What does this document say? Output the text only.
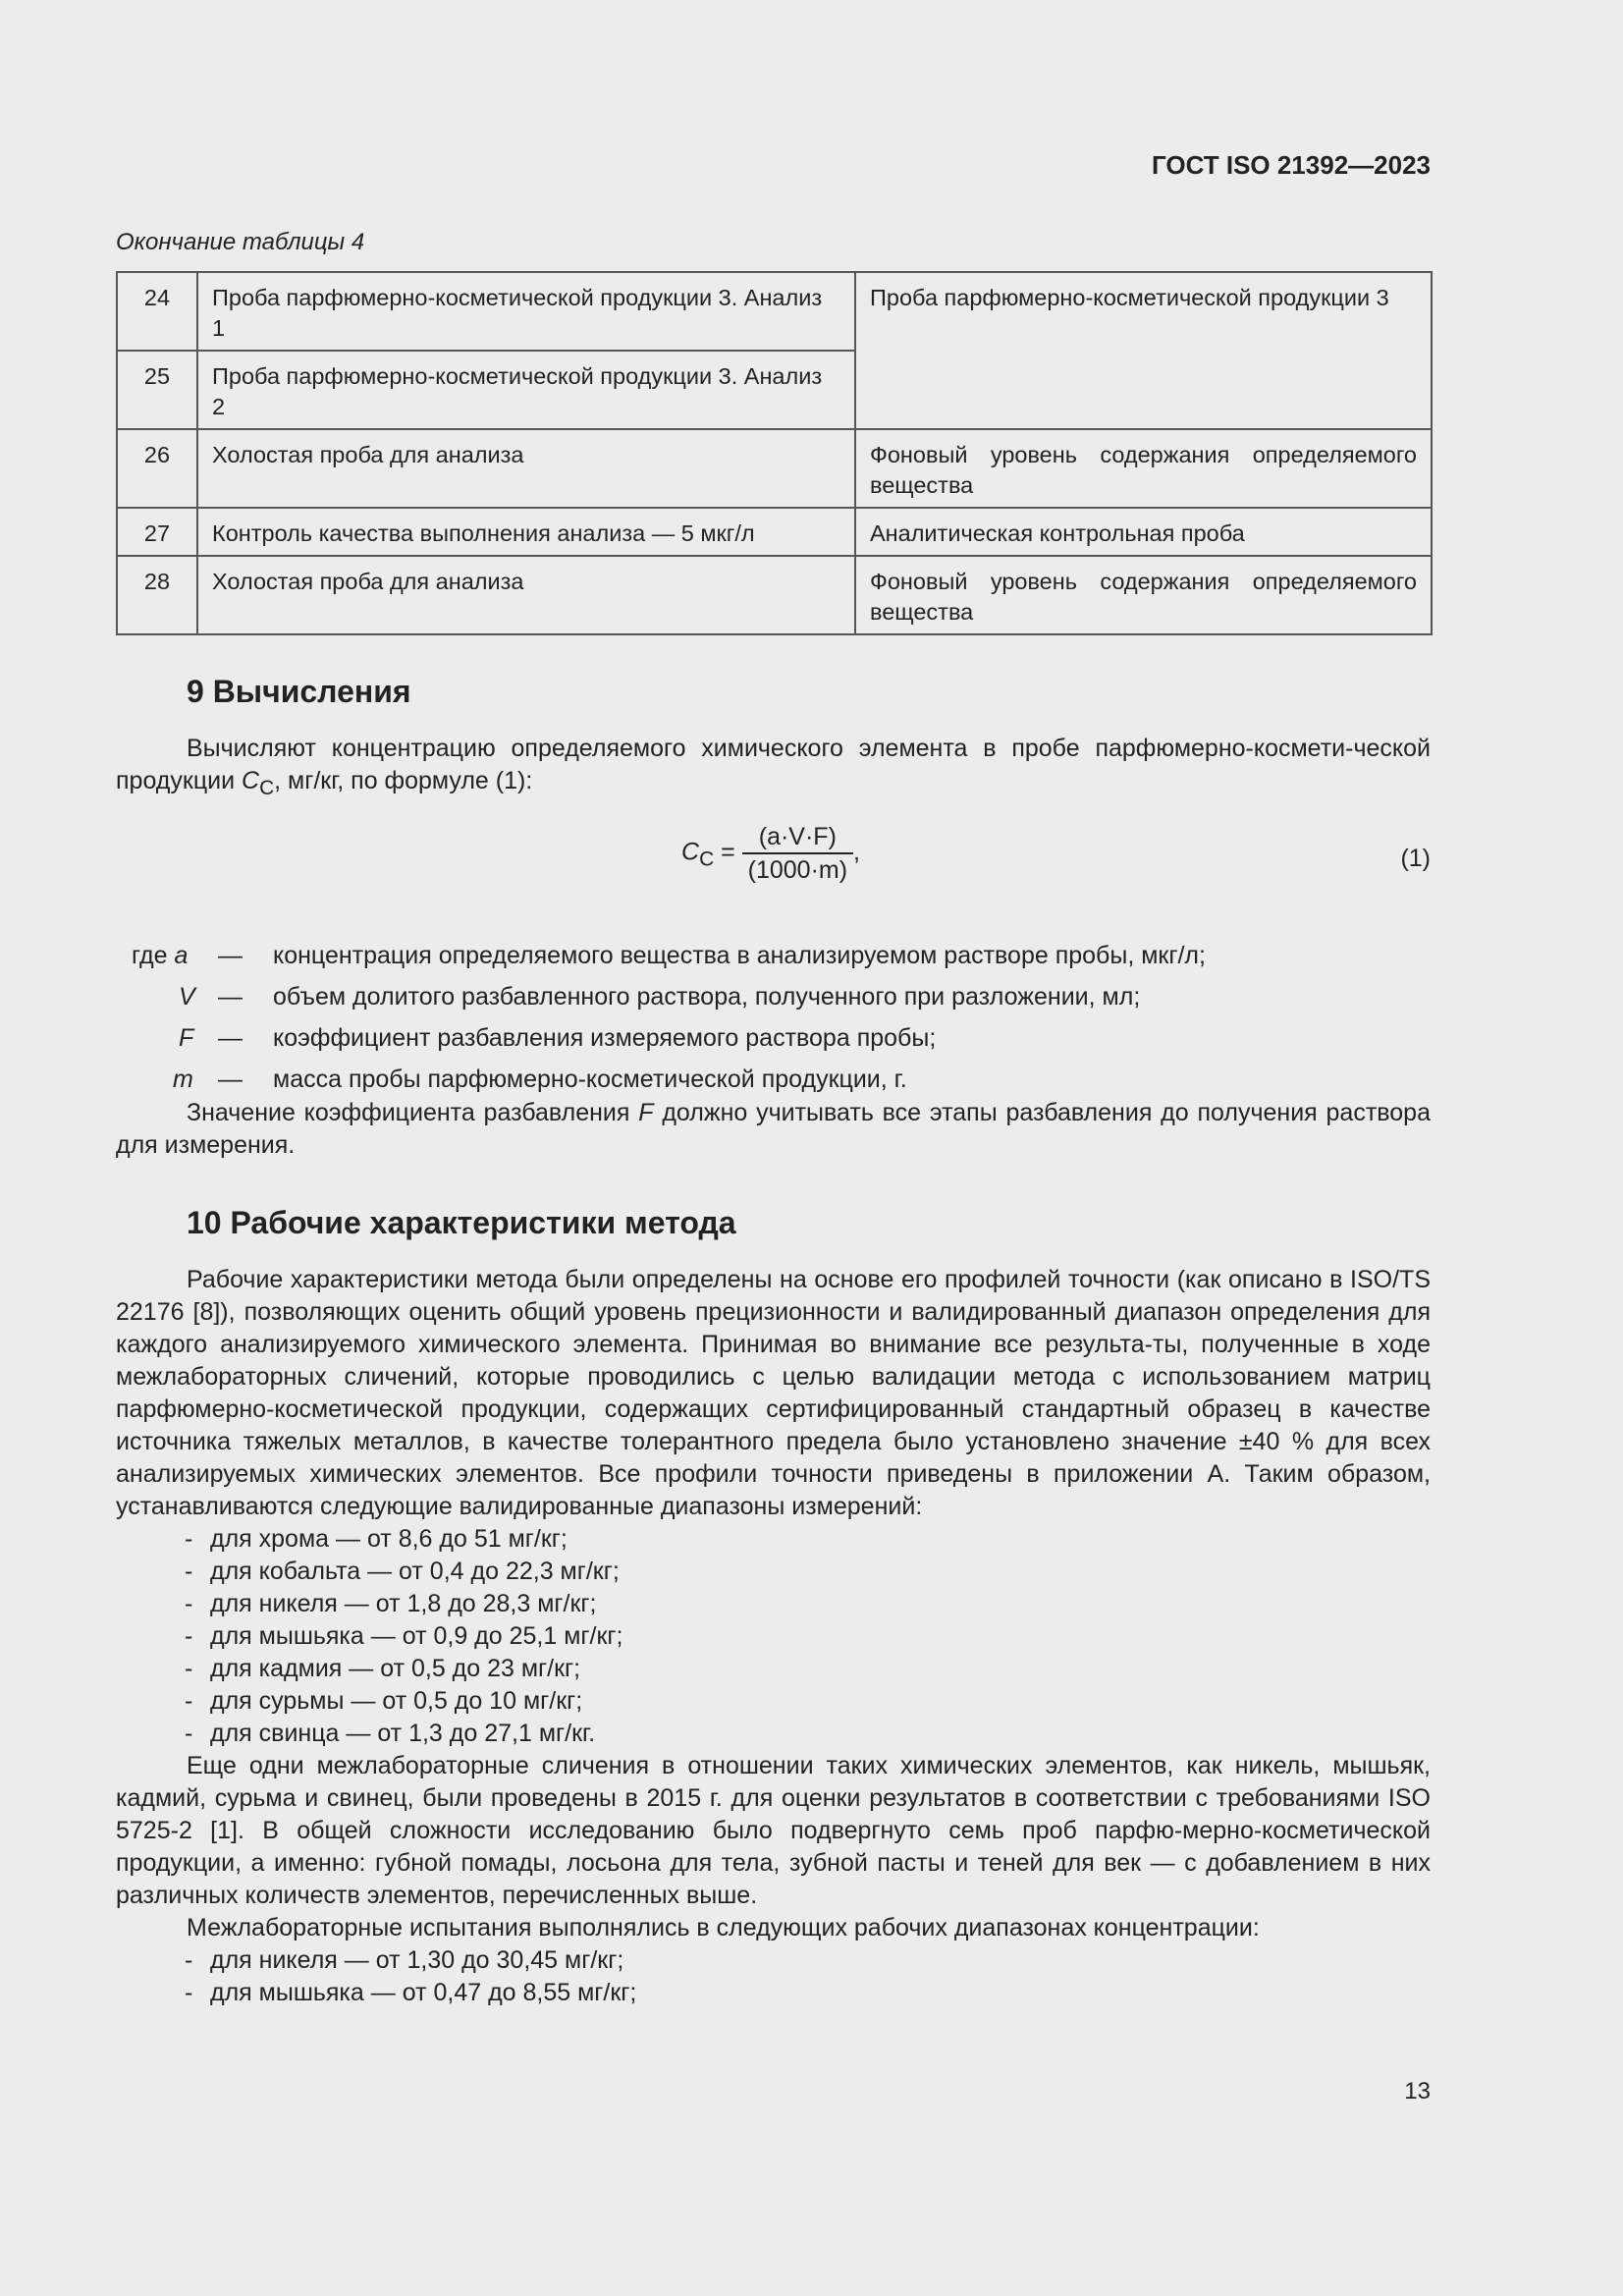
ГОСТ ISO 21392—2023
Окончание таблицы 4
24	Проба парфюмерно-косметической продукции 3. Анализ 1	Проба парфюмерно-косметической продукции 3
25	Проба парфюмерно-косметической продукции 3. Анализ 2	
26	Холостая проба для анализа	Фоновый уровень содержания определяемого вещества
27	Контроль качества выполнения анализа — 5 мкг/л	Аналитическая контрольная проба
28	Холостая проба для анализа	Фоновый уровень содержания определяемого вещества
9 Вычисления

Вычисляют концентрацию определяемого химического элемента в пробе парфюмерно-космети-ческой продукции $C_C$, мг/кг, по формуле (1):

$C_C = \frac{(a\cdot V\cdot F)}{(1000\cdot m)}$ ,	(1)
где a — концентрация определяемого вещества в анализируемом растворе пробы, мкг/л;
V — объем долитого разбавленного раствора, полученного при разложении, мл;
F — коэффициент разбавления измеряемого раствора пробы;
m — масса пробы парфюмерно-косметической продукции, г.

Значение коэффициента разбавления F должно учитывать все этапы разбавления до получения раствора для измерения.

10 Рабочие характеристики метода

Рабочие характеристики метода были определены на основе его профилей точности (как описано в ISO/TS 22176 [8]), позволяющих оценить общий уровень прецизионности и валидированный диапазон определения для каждого анализируемого химического элемента. Принимая во внимание все результа-ты, полученные в ходе межлабораторных сличений, которые проводились с целью валидации метода с использованием матриц парфюмерно-косметической продукции, содержащих сертифицированный стандартный образец в качестве источника тяжелых металлов, в качестве толерантного предела было установлено значение ±40 % для всех анализируемых химических элементов. Все профили точности приведены в приложении А. Таким образом, устанавливаются следующие валидированные диапазоны измерений:

- для хрома — от 8,6 до 51 мг/кг;
- для кобальта — от 0,4 до 22,3 мг/кг;
- для никеля — от 1,8 до 28,3 мг/кг;
- для мышьяка — от 0,9 до 25,1 мг/кг;
- для кадмия — от 0,5 до 23 мг/кг;
- для сурьмы — от 0,5 до 10 мг/кг;
- для свинца — от 1,3 до 27,1 мг/кг.

Еще одни межлабораторные сличения в отношении таких химических элементов, как никель, мышьяк, кадмий, сурьма и свинец, были проведены в 2015 г. для оценки результатов в соответствии с требованиями ISO 5725-2 [1]. В общей сложности исследованию было подвергнуто семь проб парфю-мерно-косметической продукции, а именно: губной помады, лосьона для тела, зубной пасты и теней для век — с добавлением в них различных количеств элементов, перечисленных выше.

Межлабораторные испытания выполнялись в следующих рабочих диапазонах концентрации:

- для никеля — от 1,30 до 30,45 мг/кг;
- для мышьяка — от 0,47 до 8,55 мг/кг;
13
